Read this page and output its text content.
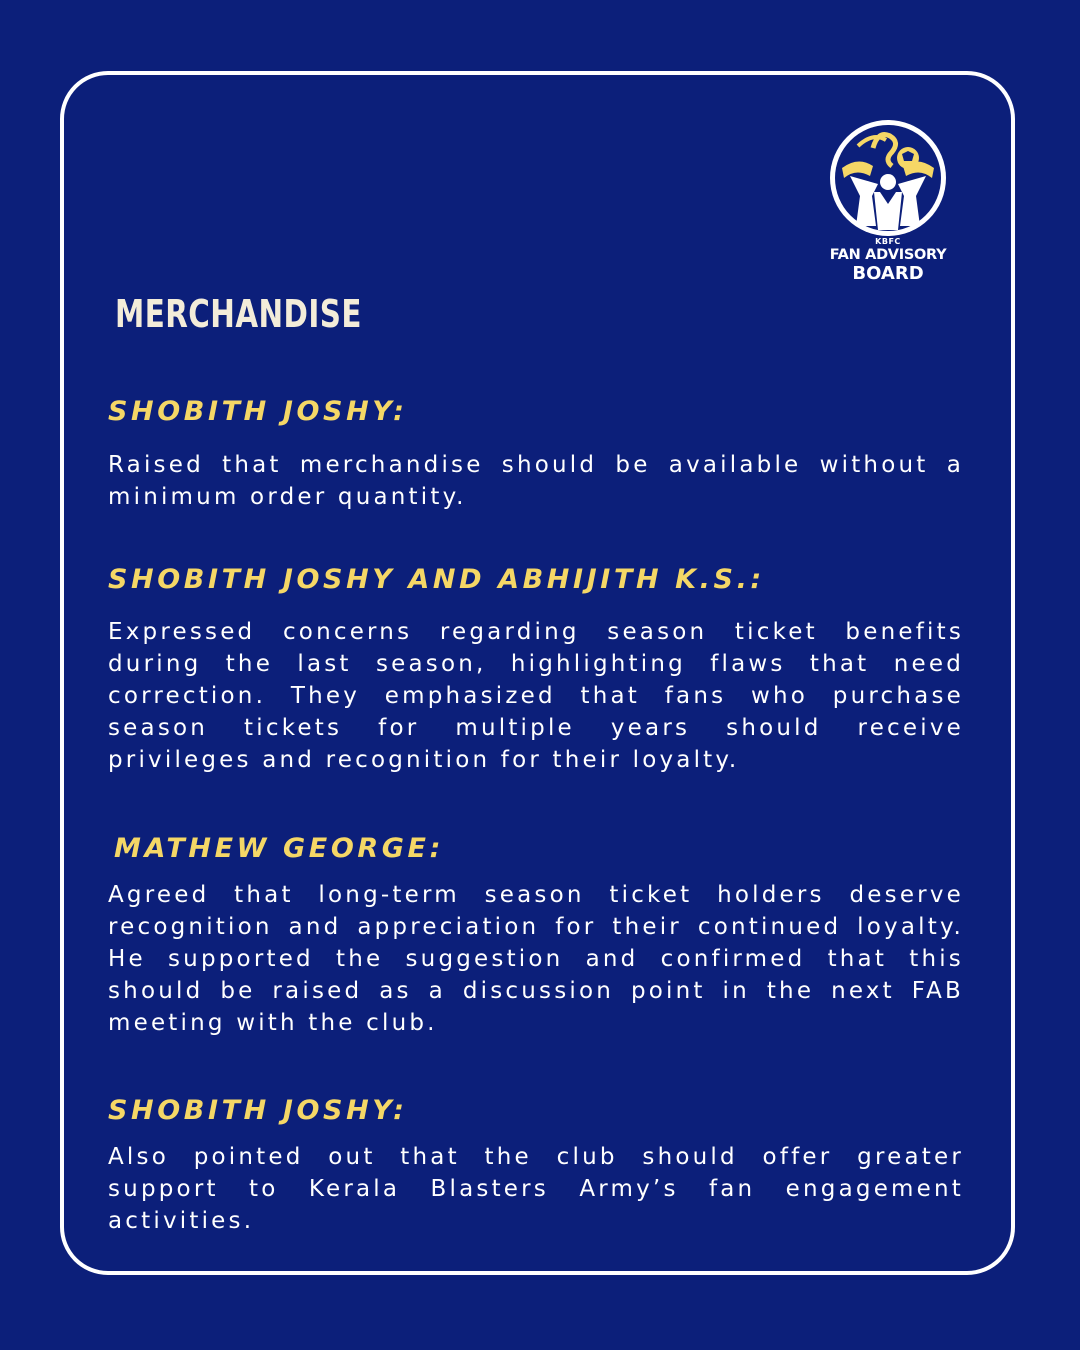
KBFC
FAN ADVISORY
BOARD
MERCHANDISE
SHOBITH JOSHY:
Raised that merchandise should be available without a minimum order quantity.
SHOBITH JOSHY AND ABHIJITH K.S.:
Expressed concerns regarding season ticket benefits during the last season, highlighting flaws that need correction. They emphasized that fans who purchase season tickets for multiple years should receive privileges and recognition for their loyalty.
MATHEW GEORGE:
Agreed that long-term season ticket holders deserve recognition and appreciation for their continued loyalty. He supported the suggestion and confirmed that this should be raised as a discussion point in the next FAB meeting with the club.
SHOBITH JOSHY:
Also pointed out that the club should offer greater support to Kerala Blasters Army’s fan engagement activities.
